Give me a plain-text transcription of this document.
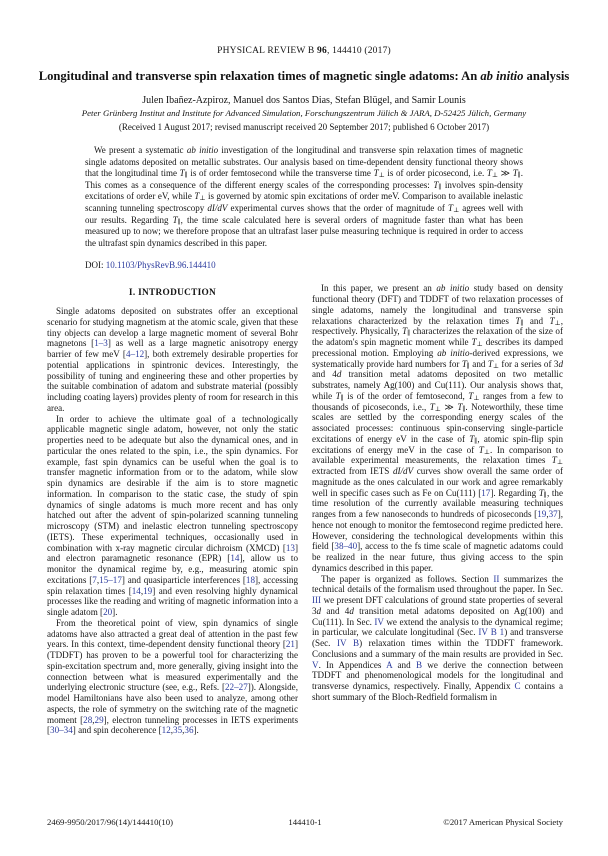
PHYSICAL REVIEW B 96, 144410 (2017)
Longitudinal and transverse spin relaxation times of magnetic single adatoms: An ab initio analysis
Julen Ibañez-Azpiroz, Manuel dos Santos Dias, Stefan Blügel, and Samir Lounis
Peter Grünberg Institut and Institute for Advanced Simulation, Forschungszentrum Jülich & JARA, D-52425 Jülich, Germany
(Received 1 August 2017; revised manuscript received 20 September 2017; published 6 October 2017)
We present a systematic ab initio investigation of the longitudinal and transverse spin relaxation times of magnetic single adatoms deposited on metallic substrates. Our analysis based on time-dependent density functional theory shows that the longitudinal time $T_\parallel$ is of order femtosecond while the transverse time $T_\perp$ is of order picosecond, i.e. $T_\perp$ ≫ $T_\parallel$. This comes as a consequence of the different energy scales of the corresponding processes: $T_\parallel$ involves spin-density excitations of order eV, while $T_\perp$ is governed by atomic spin excitations of order meV. Comparison to available inelastic scanning tunneling spectroscopy dI/dV experimental curves shows that the order of magnitude of $T_\perp$ agrees well with our results. Regarding $T_\parallel$, the time scale calculated here is several orders of magnitude faster than what has been measured up to now; we therefore propose that an ultrafast laser pulse measuring technique is required in order to access the ultrafast spin dynamics described in this paper.
DOI: 10.1103/PhysRevB.96.144410
I. INTRODUCTION

Single adatoms deposited on substrates offer an exceptional scenario for studying magnetism at the atomic scale, given that these tiny objects can develop a large magnetic moment of several Bohr magnetons [1–3] as well as a large magnetic anisotropy energy barrier of few meV [4–12], both extremely desirable properties for potential applications in spintronic devices. Interestingly, the possibility of tuning and engineering these and other properties by the suitable combination of adatom and substrate material (possibly including coating layers) provides plenty of room for research in this area.

In order to achieve the ultimate goal of a technologically applicable magnetic single adatom, however, not only the static properties need to be adequate but also the dynamical ones, and in particular the ones related to the spin, i.e., the spin dynamics. For example, fast spin dynamics can be useful when the goal is to transfer magnetic information from or to the adatom, while slow spin dynamics are desirable if the aim is to store magnetic information. In comparison to the static case, the study of spin dynamics of single adatoms is much more recent and has only hatched out after the advent of spin-polarized scanning tunneling microscopy (STM) and inelastic electron tunneling spectroscopy (IETS). These experimental techniques, occasionally used in combination with x-ray magnetic circular dichroism (XMCD) [13] and electron paramagnetic resonance (EPR) [14], allow us to monitor the dynamical regime by, e.g., measuring atomic spin excitations [7,15–17] and quasiparticle interferences [18], accessing spin relaxation times [14,19] and even resolving highly dynamical processes like the reading and writing of magnetic information into a single adatom [20].

From the theoretical point of view, spin dynamics of single adatoms have also attracted a great deal of attention in the past few years. In this context, time-dependent density functional theory [21] (TDDFT) has proven to be a powerful tool for characterizing the spin-excitation spectrum and, more generally, giving insight into the connection between what is measured experimentally and the underlying electronic structure (see, e.g., Refs. [22–27]). Alongside, model Hamiltonians have also been used to analyze, among other aspects, the role of symmetry on the switching rate of the magnetic moment [28,29], electron tunneling processes in IETS experiments [30–34] and spin decoherence [12,35,36].

In this paper, we present an ab initio study based on density functional theory (DFT) and TDDFT of two relaxation processes of single adatoms, namely the longitudinal and transverse spin relaxations characterized by the relaxation times $T_\parallel$ and $T_\perp$, respectively. Physically, $T_\parallel$ characterizes the relaxation of the size of the adatom's spin magnetic moment while $T_\perp$ describes its damped precessional motion. Employing ab initio-derived expressions, we systematically provide hard numbers for $T_\parallel$ and $T_\perp$ for a series of 3d and 4d transition metal adatoms deposited on two metallic substrates, namely Ag(100) and Cu(111). Our analysis shows that, while $T_\parallel$ is of the order of femtosecond, $T_\perp$ ranges from a few to thousands of picoseconds, i.e., $T_\perp$ ≫ $T_\parallel$. Noteworthily, these time scales are settled by the corresponding energy scales of the associated processes: continuous spin-conserving single-particle excitations of energy eV in the case of $T_\parallel$, atomic spin-flip spin excitations of energy meV in the case of $T_\perp$. In comparison to available experimental measurements, the relaxation times $T_\perp$ extracted from IETS dI/dV curves show overall the same order of magnitude as the ones calculated in our work and agree remarkably well in specific cases such as Fe on Cu(111) [17]. Regarding $T_\parallel$, the time resolution of the currently available measuring techniques ranges from a few nanoseconds to hundreds of picoseconds [19,37], hence not enough to monitor the femtosecond regime predicted here. However, considering the technological developments within this field [38–40], access to the fs time scale of magnetic adatoms could be realized in the near future, thus giving access to the spin dynamics described in this paper.

The paper is organized as follows. Section II summarizes the technical details of the formalism used throughout the paper. In Sec. III we present DFT calculations of ground state properties of several 3d and 4d transition metal adatoms deposited on Ag(100) and Cu(111). In Sec. IV we extend the analysis to the dynamical regime; in particular, we calculate longitudinal (Sec. IV B 1) and transverse (Sec. IV B) relaxation times within the TDDFT framework. Conclusions and a summary of the main results are provided in Sec. V. In Appendices A and B we derive the connection between TDDFT and phenomenological models for the longitudinal and transverse dynamics, respectively. Finally, Appendix C contains a short summary of the Bloch-Redfield formalism in

2469-9950/2017/96(14)/144410(10)	144410-1	©2017 American Physical Society
